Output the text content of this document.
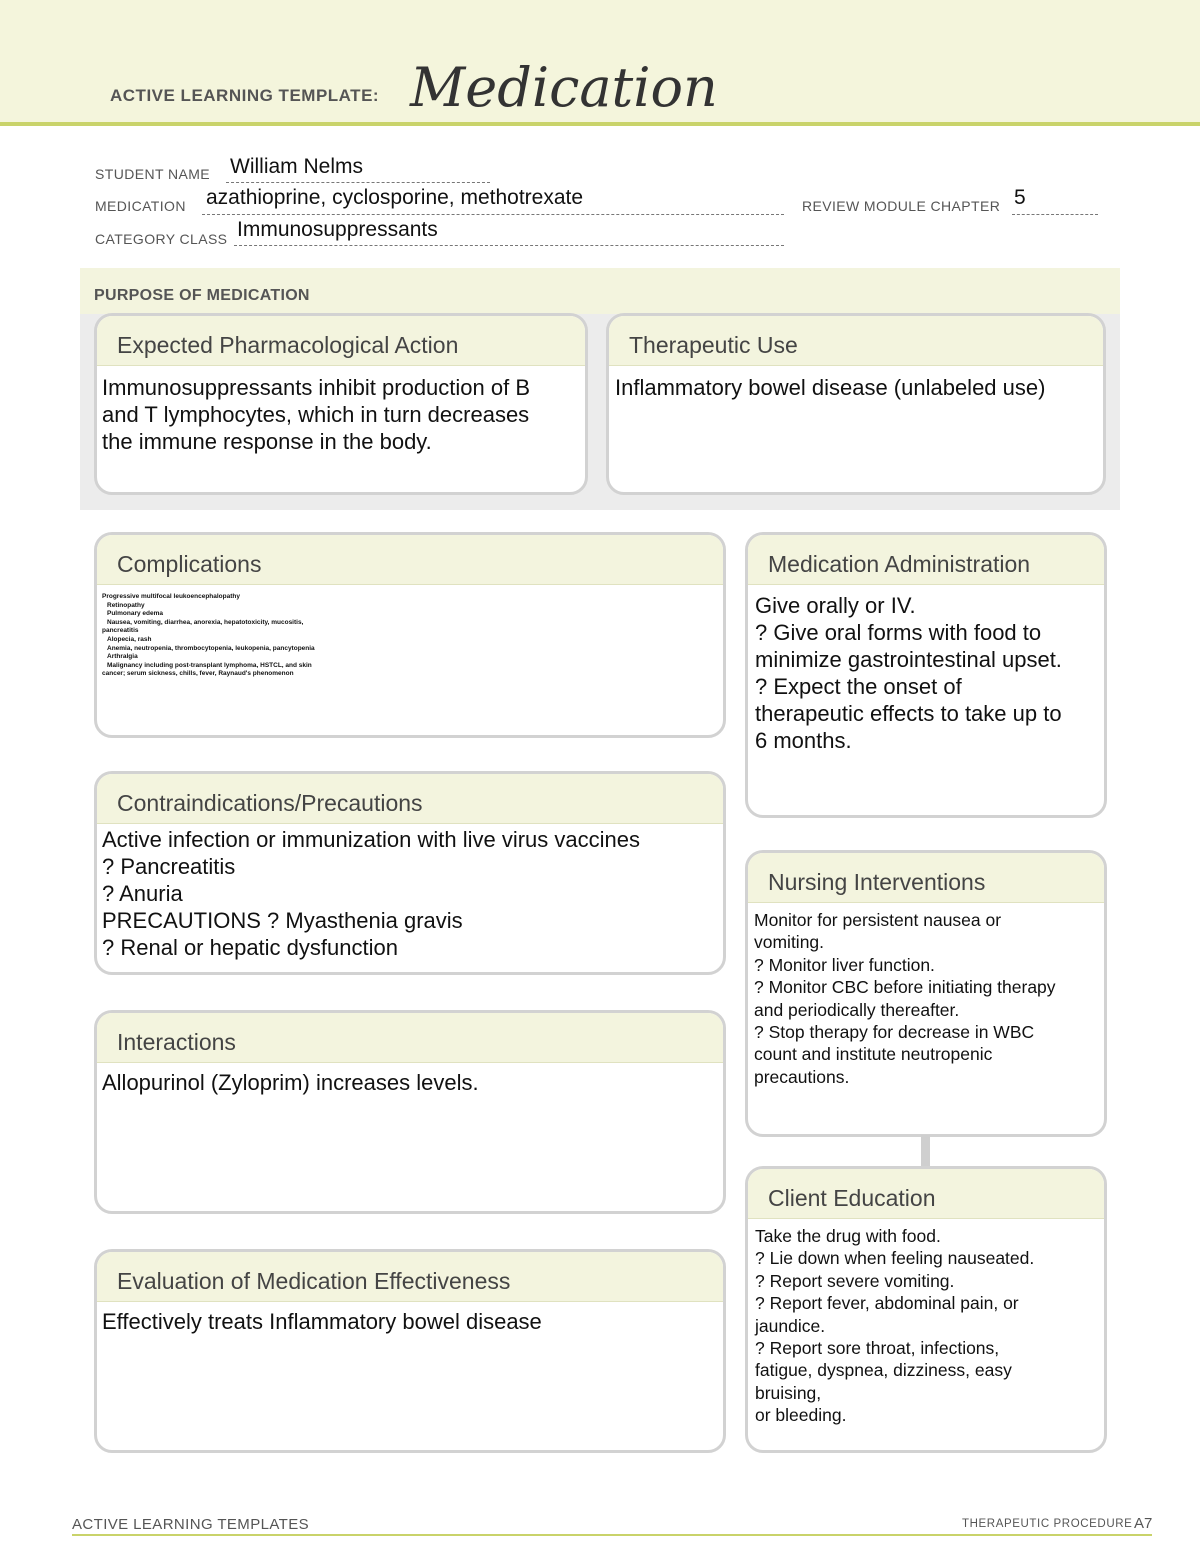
ACTIVE LEARNING TEMPLATE: Medication
STUDENT NAME William Nelms
MEDICATION azathioprine, cyclosporine, methotrexate	REVIEW MODULE CHAPTER 5
CATEGORY CLASS Immunosuppressants
PURPOSE OF MEDICATION
Expected Pharmacological Action
Immunosuppressants inhibit production of B
and T lymphocytes, which in turn decreases
the immune response in the body.
Therapeutic Use
Inflammatory bowel disease (unlabeled use)
Complications
Progressive multifocal leukoencephalopathy
Retinopathy
Pulmonary edema
Nausea, vomiting, diarrhea, anorexia, hepatotoxicity, mucositis,
pancreatitis
Alopecia, rash
Anemia, neutropenia, thrombocytopenia, leukopenia, pancytopenia
Arthralgia
Malignancy including post-transplant lymphoma, HSTCL, and skin
cancer; serum sickness, chills, fever, Raynaud's phenomenon
Medication Administration
Give orally or IV.
? Give oral forms with food to
minimize gastrointestinal upset.
? Expect the onset of
therapeutic effects to take up to
6 months.
Contraindications/Precautions
Active infection or immunization with live virus vaccines
? Pancreatitis
? Anuria
PRECAUTIONS ? Myasthenia gravis
? Renal or hepatic dysfunction
Nursing Interventions
Monitor for persistent nausea or
vomiting.
? Monitor liver function.
? Monitor CBC before initiating therapy
and periodically thereafter.
? Stop therapy for decrease in WBC
count and institute neutropenic
precautions.
Interactions
Allopurinol (Zyloprim) increases levels.
Client Education
Take the drug with food.
? Lie down when feeling nauseated.
? Report severe vomiting.
? Report fever, abdominal pain, or
jaundice.
? Report sore throat, infections,
fatigue, dyspnea, dizziness, easy
bruising,
or bleeding.
Evaluation of Medication Effectiveness
Effectively treats Inflammatory bowel disease
ACTIVE LEARNING TEMPLATES	THERAPEUTIC PROCEDURE A7
